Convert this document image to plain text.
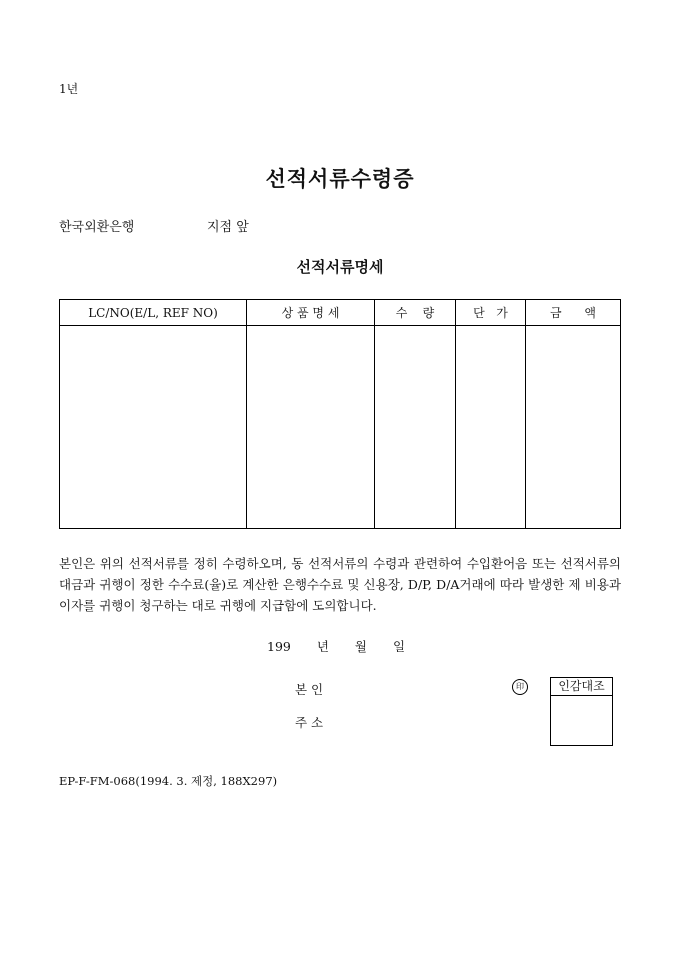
1년
선적서류수령증
한국외환은행	지점 앞
선적서류명세
LC/NO(E/L, REF NO)	상 품 명 세	수    량	단   가	금      액

본인은 위의 선적서류를 정히 수령하오며, 동 선적서류의 수령과 관련하여 수입환어음 또는 선적서류의 대금과 귀행이 정한 수수료(율)로 계산한 은행수수료 및 신용장, D/P, D/A거래에 따라 발생한 제 비용과 이자를 귀행이 청구하는 대로 귀행에 지급함에 도의합니다.
199 년 월 일
본 인	印
주 소
인감대조
EP-F-FM-068(1994. 3. 제정, 188Ⅹ297)
